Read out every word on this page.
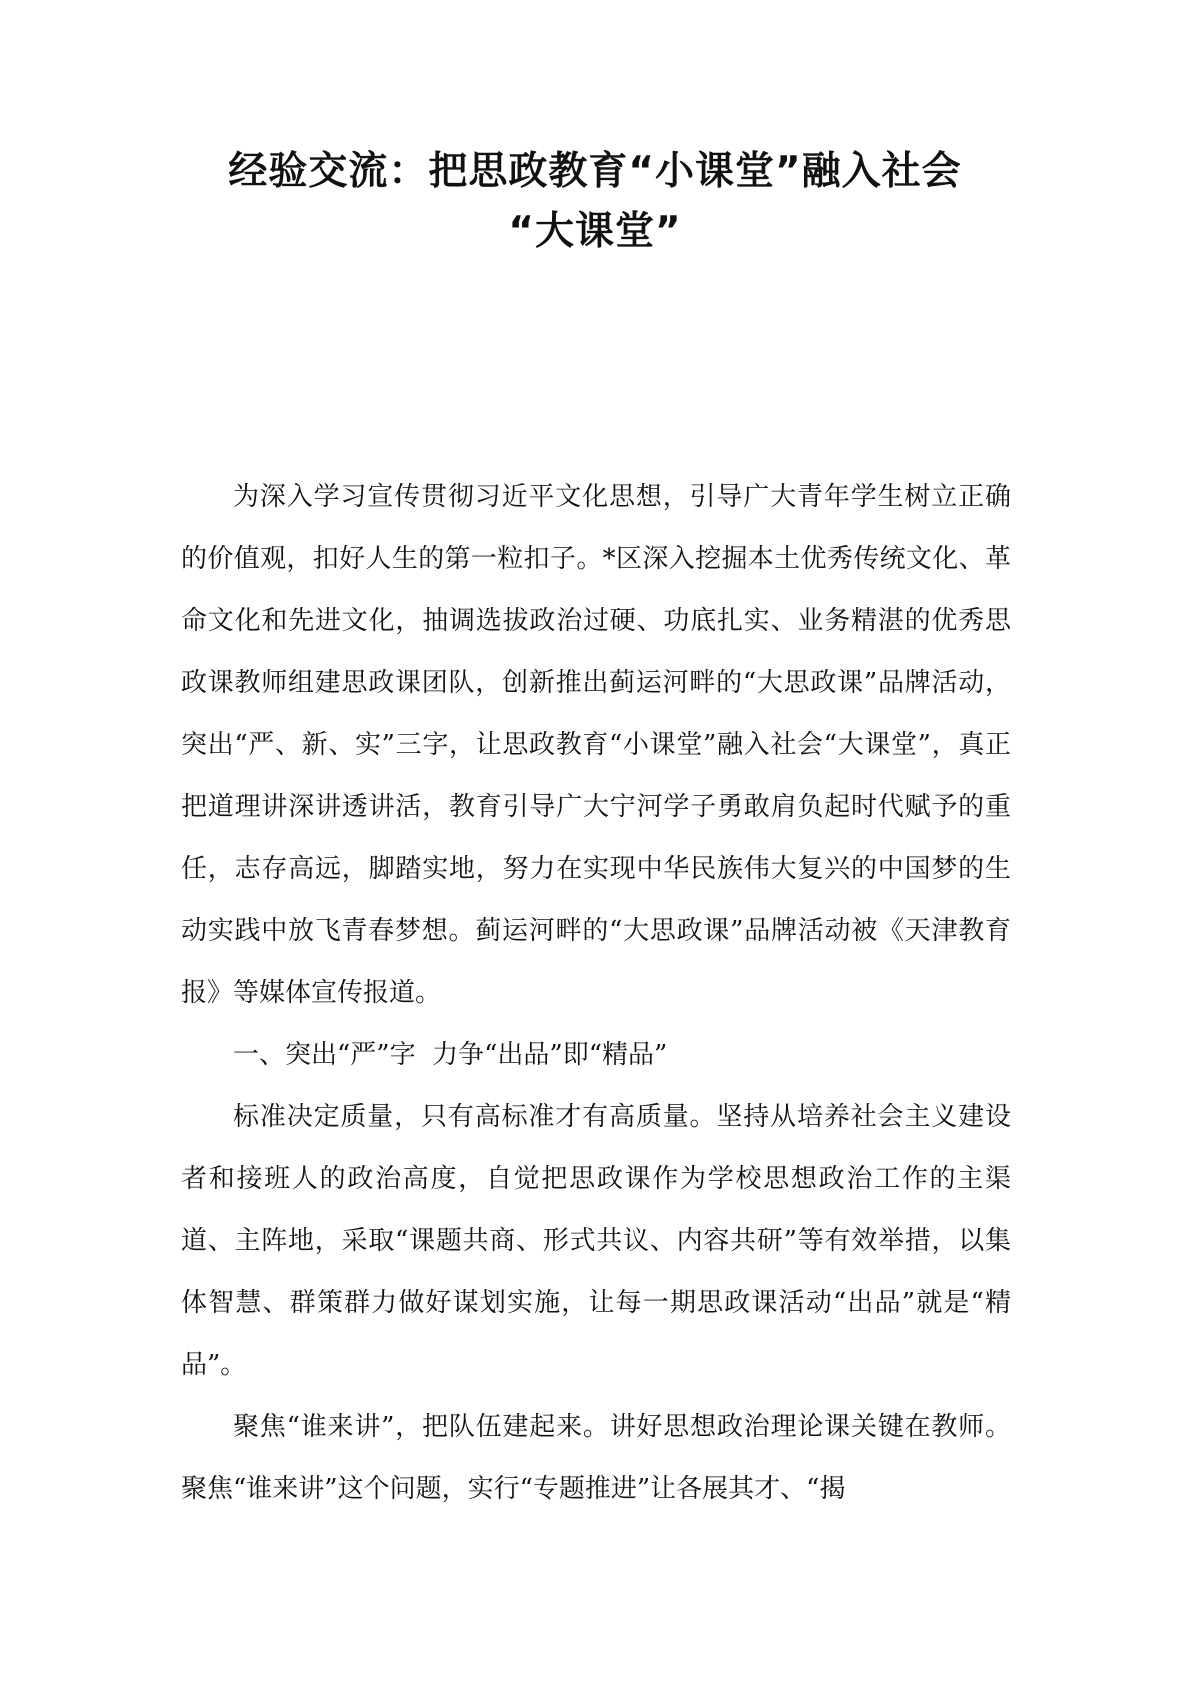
经验交流：把思政教育“小课堂”融入社会
“大课堂”

为深入学习宣传贯彻习近平文化思想，引导广大青年学生树立正确的价值观，扣好人生的第一粒扣子。*区深入挖掘本土优秀传统文化、革命文化和先进文化，抽调选拔政治过硬、功底扎实、业务精湛的优秀思政课教师组建思政课团队，创新推出蓟运河畔的“大思政课”品牌活动，突出“严、新、实”三字，让思政教育“小课堂”融入社会“大课堂”，真正把道理讲深讲透讲活，教育引导广大宁河学子勇敢肩负起时代赋予的重任，志存高远，脚踏实地，努力在实现中华民族伟大复兴的中国梦的生动实践中放飞青春梦想。蓟运河畔的“大思政课”品牌活动被《天津教育报》等媒体宣传报道。

一、突出“严”字  力争“出品”即“精品”

标准决定质量，只有高标准才有高质量。坚持从培养社会主义建设者和接班人的政治高度，自觉把思政课作为学校思想政治工作的主渠道、主阵地，采取“课题共商、形式共议、内容共研”等有效举措，以集体智慧、群策群力做好谋划实施，让每一期思政课活动“出品”就是“精品”。

聚焦“谁来讲”，把队伍建起来。讲好思想政治理论课关键在教师。聚焦“谁来讲”这个问题，实行“专题推进”让各展其才、“揭
